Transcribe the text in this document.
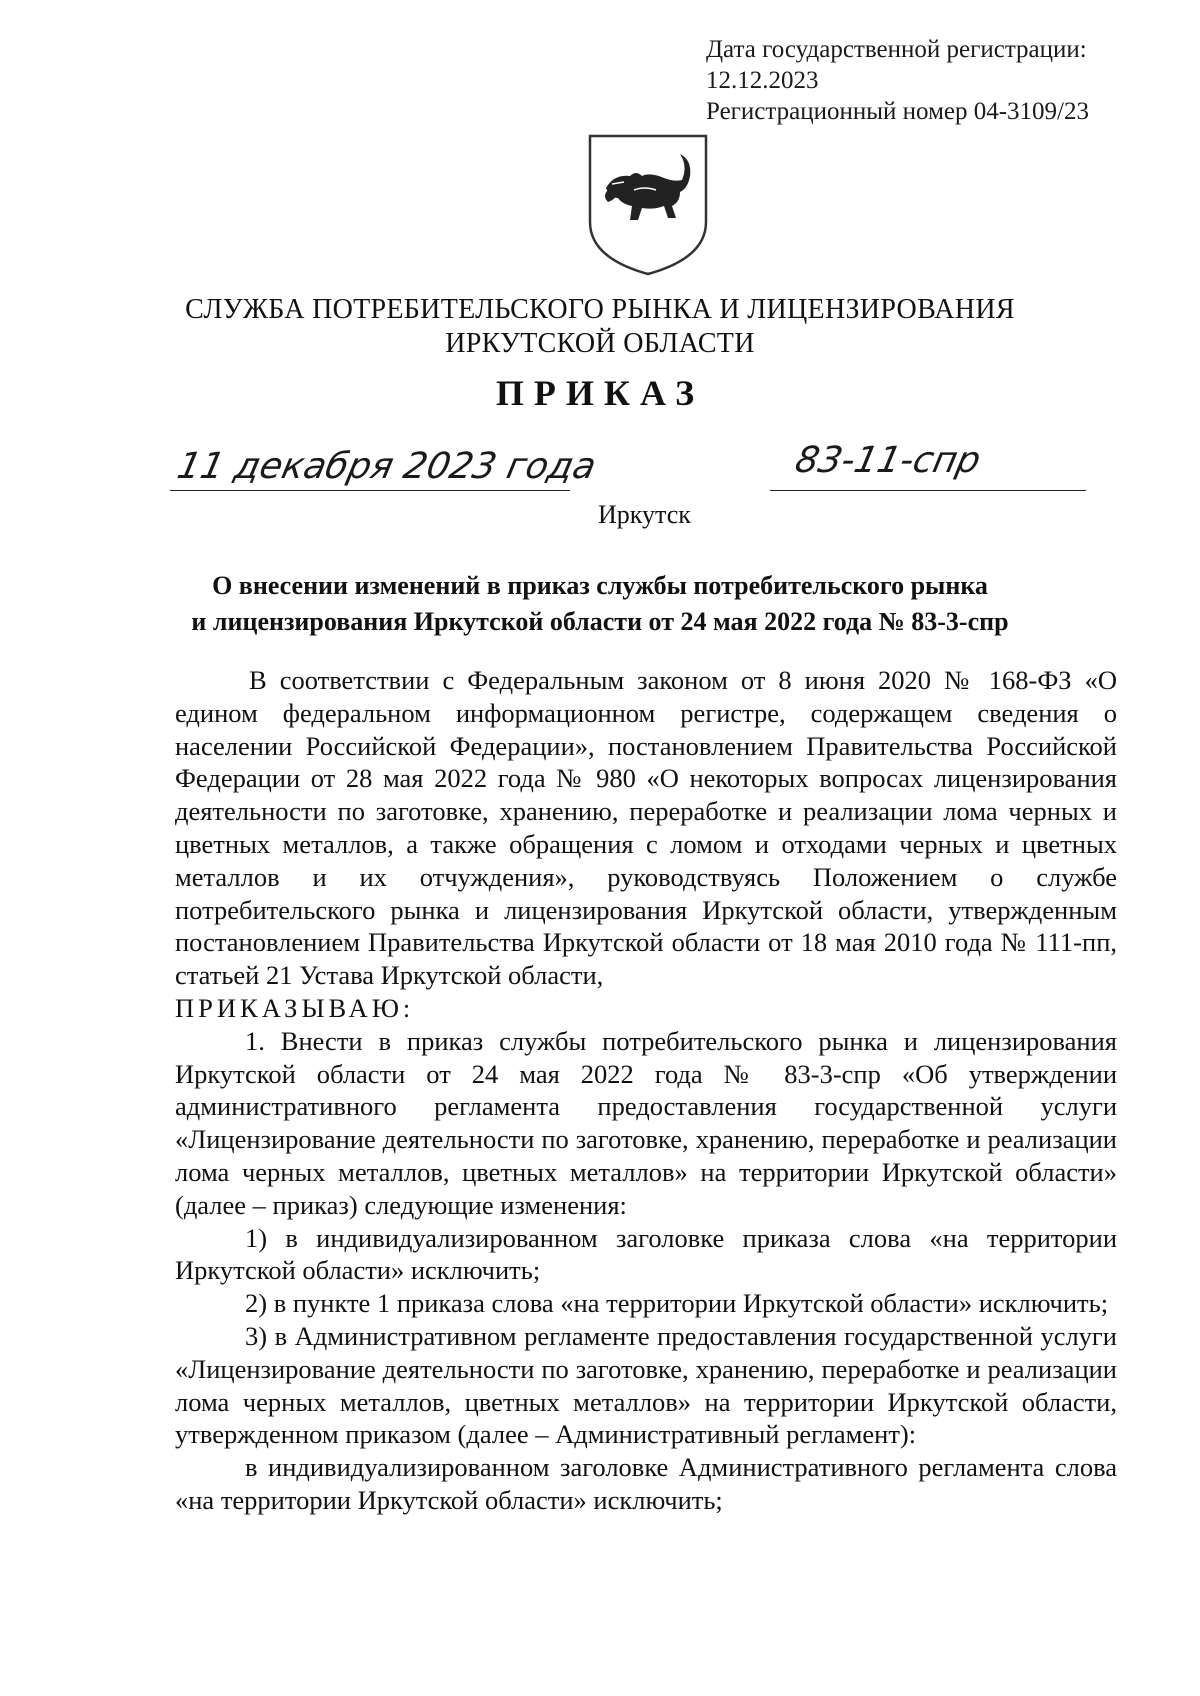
Дата государственной регистрации: 12.12.2023
Регистрационный номер 04-3109/23
СЛУЖБА ПОТРЕБИТЕЛЬСКОГО РЫНКА И ЛИЦЕНЗИРОВАНИЯ
ИРКУТСКОЙ ОБЛАСТИ
ПРИКАЗ
11 декабря 2023 года	83-11-спр
Иркутск
О внесении изменений в приказ службы потребительского рынка
и лицензирования Иркутской области от 24 мая 2022 года № 83-3-спр

В соответствии с Федеральным законом от 8 июня 2020 № 168-ФЗ «О едином федеральном информационном регистре, содержащем сведения о населении Российской Федерации», постановлением Правительства Российской Федерации от 28 мая 2022 года № 980 «О некоторых вопросах лицензирования деятельности по заготовке, хранению, переработке и реализации лома черных и цветных металлов, а также обращения с ломом и отходами черных и цветных металлов и их отчуждения», руководствуясь Положением о службе потребительского рынка и лицензирования Иркутской области, утвержденным постановлением Правительства Иркутской области от 18 мая 2010 года № 111-пп, статьей 21 Устава Иркутской области,

ПРИКАЗЫВАЮ:

1. Внести в приказ службы потребительского рынка и лицензирования Иркутской области от 24 мая 2022 года № 83-3-спр «Об утверждении административного регламента предоставления государственной услуги «Лицензирование деятельности по заготовке, хранению, переработке и реализации лома черных металлов, цветных металлов» на территории Иркутской области» (далее – приказ) следующие изменения:

1) в индивидуализированном заголовке приказа слова «на территории Иркутской области» исключить;

2) в пункте 1 приказа слова «на территории Иркутской области» исключить;

3) в Административном регламенте предоставления государственной услуги «Лицензирование деятельности по заготовке, хранению, переработке и реализации лома черных металлов, цветных металлов» на территории Иркутской области, утвержденном приказом (далее – Административный регламент):

в индивидуализированном заголовке Административного регламента слова «на территории Иркутской области» исключить;
